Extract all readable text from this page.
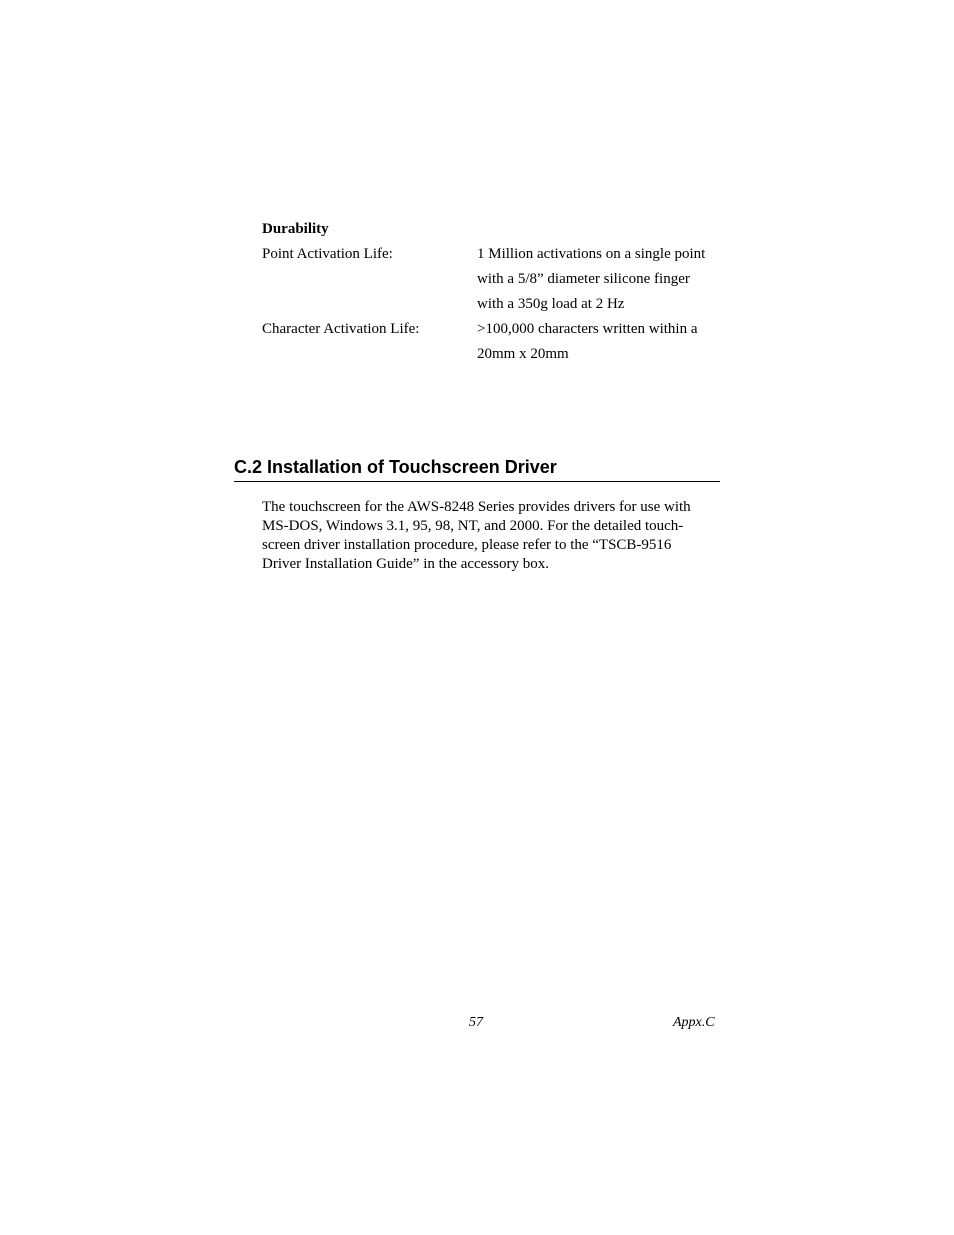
Durability
Point Activation Life:	1 Million activations on a single point
with a 5/8” diameter silicone finger
with a 350g load at 2 Hz
Character Activation Life:	>100,000 characters written within a
20mm x 20mm
C.2 Installation of Touchscreen Driver
The touchscreen for the AWS-8248 Series provides drivers for use with
MS-DOS, Windows 3.1, 95, 98, NT, and 2000. For the detailed touch-
screen driver installation procedure, please refer to the “TSCB-9516
Driver Installation Guide” in the accessory box.
57	Appx.C
